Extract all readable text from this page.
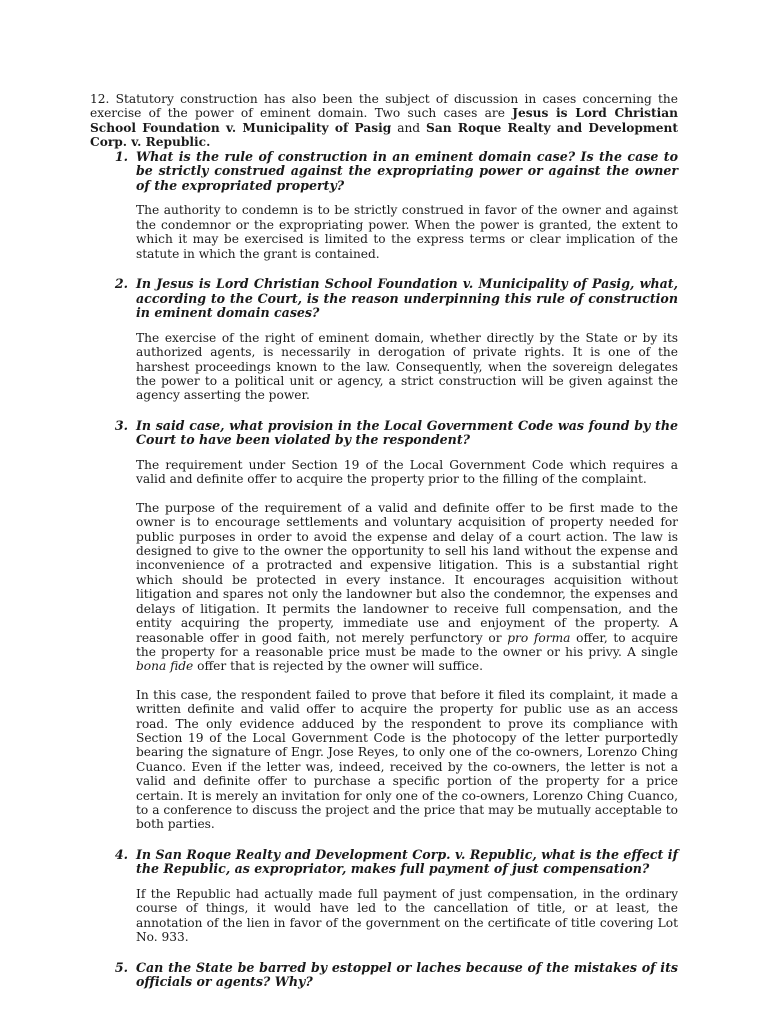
12. Statutory construction has also been the subject of discussion in cases concerning the exercise of the power of eminent domain. Two such cases are Jesus is Lord Christian School Foundation v. Municipality of Pasig and San Roque Realty and Development Corp. v. Republic.

1. What is the rule of construction in an eminent domain case? Is the case to be strictly construed against the expropriating power or against the owner of the expropriated property?

The authority to condemn is to be strictly construed in favor of the owner and against the condemnor or the expropriating power. When the power is granted, the extent to which it may be exercised is limited to the express terms or clear implication of the statute in which the grant is contained.

2. In Jesus is Lord Christian School Foundation v. Municipality of Pasig, what, according to the Court, is the reason underpinning this rule of construction in eminent domain cases?

The exercise of the right of eminent domain, whether directly by the State or by its authorized agents, is necessarily in derogation of private rights. It is one of the harshest proceedings known to the law. Consequently, when the sovereign delegates the power to a political unit or agency, a strict construction will be given against the agency asserting the power.

3. In said case, what provision in the Local Government Code was found by the Court to have been violated by the respondent?

The requirement under Section 19 of the Local Government Code which requires a valid and definite offer to acquire the property prior to the filling of the complaint.

The purpose of the requirement of a valid and definite offer to be first made to the owner is to encourage settlements and voluntary acquisition of property needed for public purposes in order to avoid the expense and delay of a court action. The law is designed to give to the owner the opportunity to sell his land without the expense and inconvenience of a protracted and expensive litigation. This is a substantial right which should be protected in every instance. It encourages acquisition without litigation and spares not only the landowner but also the condemnor, the expenses and delays of litigation. It permits the landowner to receive full compensation, and the entity acquiring the property, immediate use and enjoyment of the property. A reasonable offer in good faith, not merely perfunctory or pro forma offer, to acquire the property for a reasonable price must be made to the owner or his privy. A single bona fide offer that is rejected by the owner will suffice.

In this case, the respondent failed to prove that before it filed its complaint, it made a written definite and valid offer to acquire the property for public use as an access road. The only evidence adduced by the respondent to prove its compliance with Section 19 of the Local Government Code is the photocopy of the letter purportedly bearing the signature of Engr. Jose Reyes, to only one of the co-owners, Lorenzo Ching Cuanco. Even if the letter was, indeed, received by the co-owners, the letter is not a valid and definite offer to purchase a specific portion of the property for a price certain. It is merely an invitation for only one of the co-owners, Lorenzo Ching Cuanco, to a conference to discuss the project and the price that may be mutually acceptable to both parties.

4. In San Roque Realty and Development Corp. v. Republic, what is the effect if the Republic, as expropriator, makes full payment of just compensation?

If the Republic had actually made full payment of just compensation, in the ordinary course of things, it would have led to the cancellation of title, or at least, the annotation of the lien in favor of the government on the certificate of title covering Lot No. 933.

5. Can the State be barred by estoppel or laches because of the mistakes of its officials or agents? Why?
